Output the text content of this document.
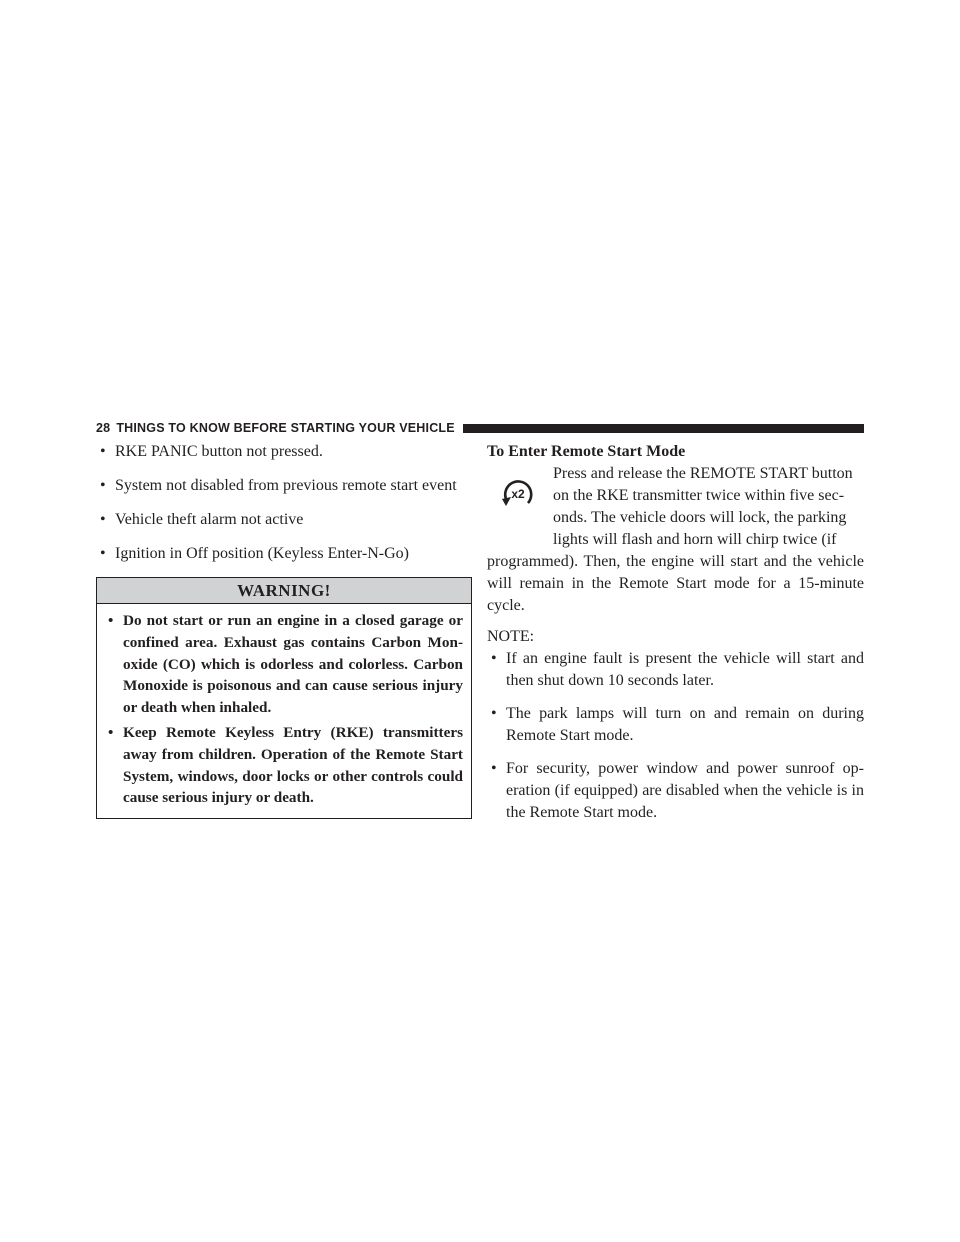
28 THINGS TO KNOW BEFORE STARTING YOUR VEHICLE
• RKE PANIC button not pressed.
• System not disabled from previous remote start event
• Vehicle theft alarm not active
• Ignition in Off position (Keyless Enter-N-Go)
WARNING!
• Do not start or run an engine in a closed garage or confined area. Exhaust gas contains Carbon Monoxide (CO) which is odorless and colorless. Carbon Monoxide is poisonous and can cause serious injury or death when inhaled.
• Keep Remote Keyless Entry (RKE) transmitters away from children. Operation of the Remote Start System, windows, door locks or other controls could cause serious injury or death.
To Enter Remote Start Mode
x2

Press and release the REMOTE START button
on the RKE transmitter twice within five sec-
onds. The vehicle doors will lock, the parking
lights will flash and horn will chirp twice (if
programmed). Then, the engine will start and the vehicle will remain in the Remote Start mode for a 15-minute cycle.

NOTE:
• If an engine fault is present the vehicle will start and then shut down 10 seconds later.
• The park lamps will turn on and remain on during Remote Start mode.
• For security, power window and power sunroof operation (if equipped) are disabled when the vehicle is in the Remote Start mode.
